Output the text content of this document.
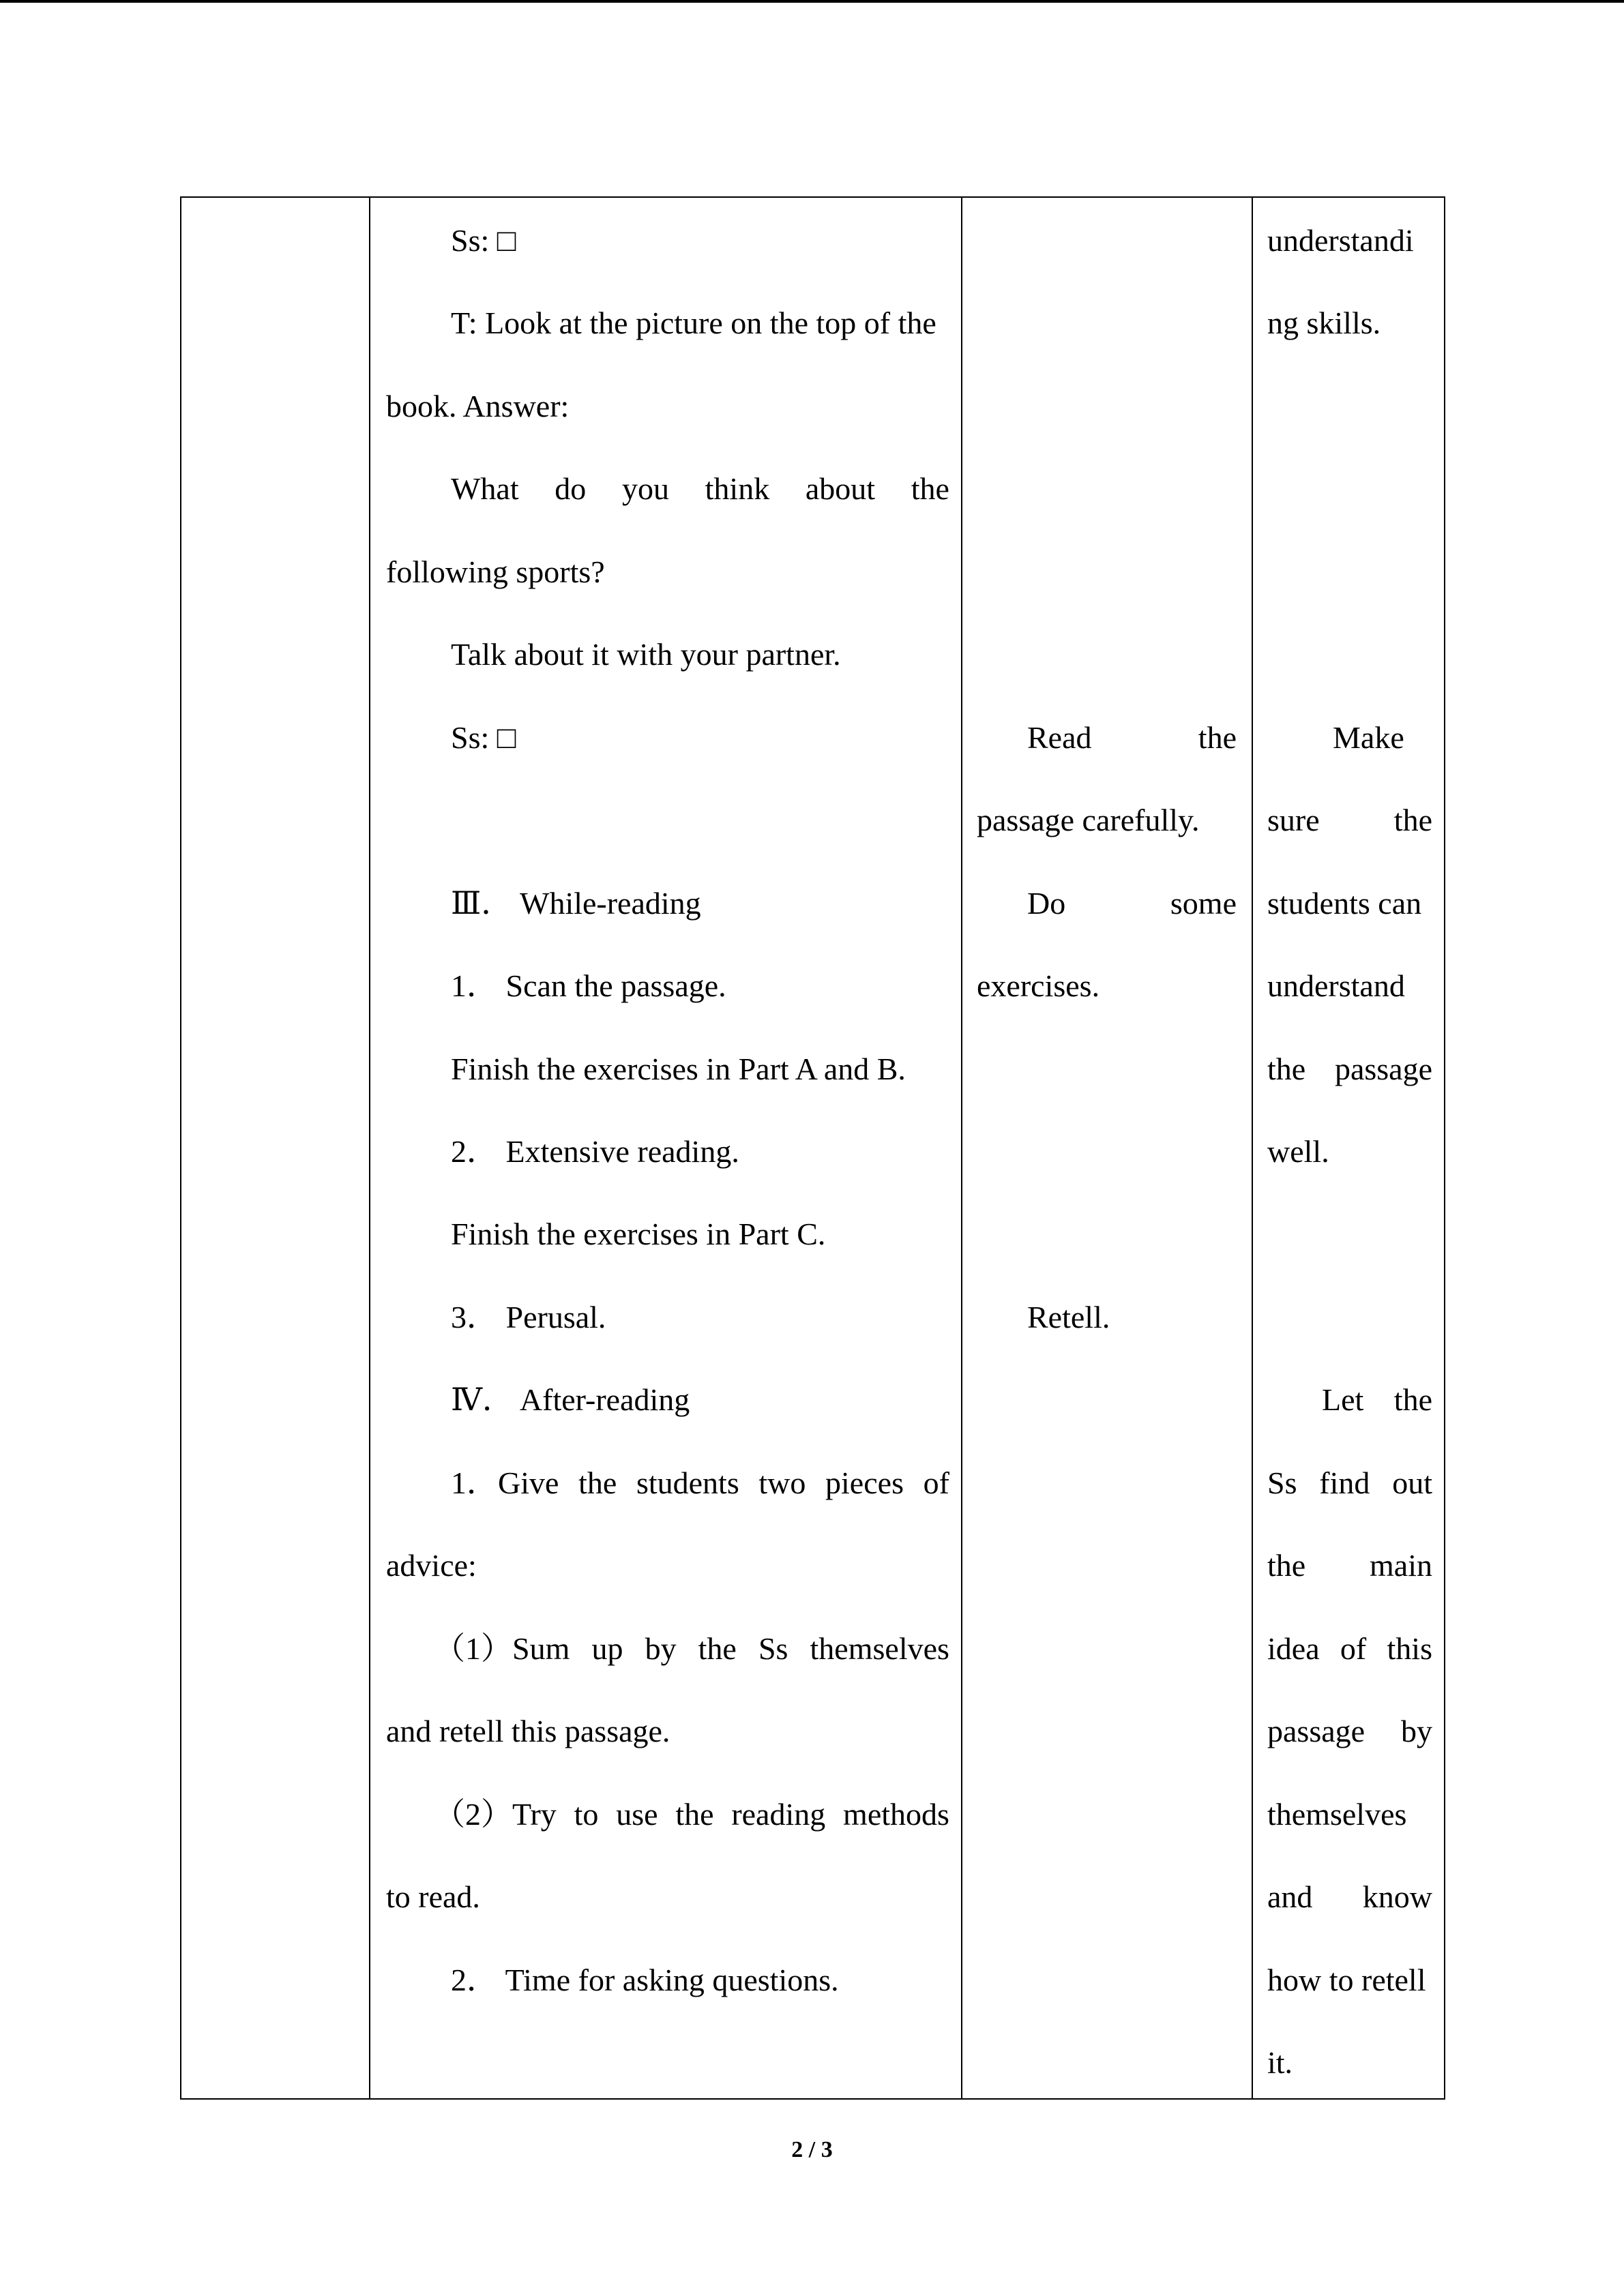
Ss: □
T: Look at the picture on the top of the
book. Answer:
What do you think about the
following sports?
Talk about it with your partner.
Ss: □
Ⅲ． While-reading
1． Scan the passage.
Finish the exercises in Part A and B.
2． Extensive reading.
Finish the exercises in Part C.
3． Perusal.
Ⅳ． After-reading
1．Give the students two pieces of
advice:
（1）Sum up by the Ss themselves
and retell this passage.
（2）Try to use the reading methods
to read.
2． Time for asking questions.
Read	the
passage carefully.
Do	some
exercises.
Retell.
understandi
ng skills.
Make
sure the
students can
understand
the passage
well.
Let the
Ss find out
the main
idea of this
passage by
themselves
and know
how to retell
it.
2 / 3
